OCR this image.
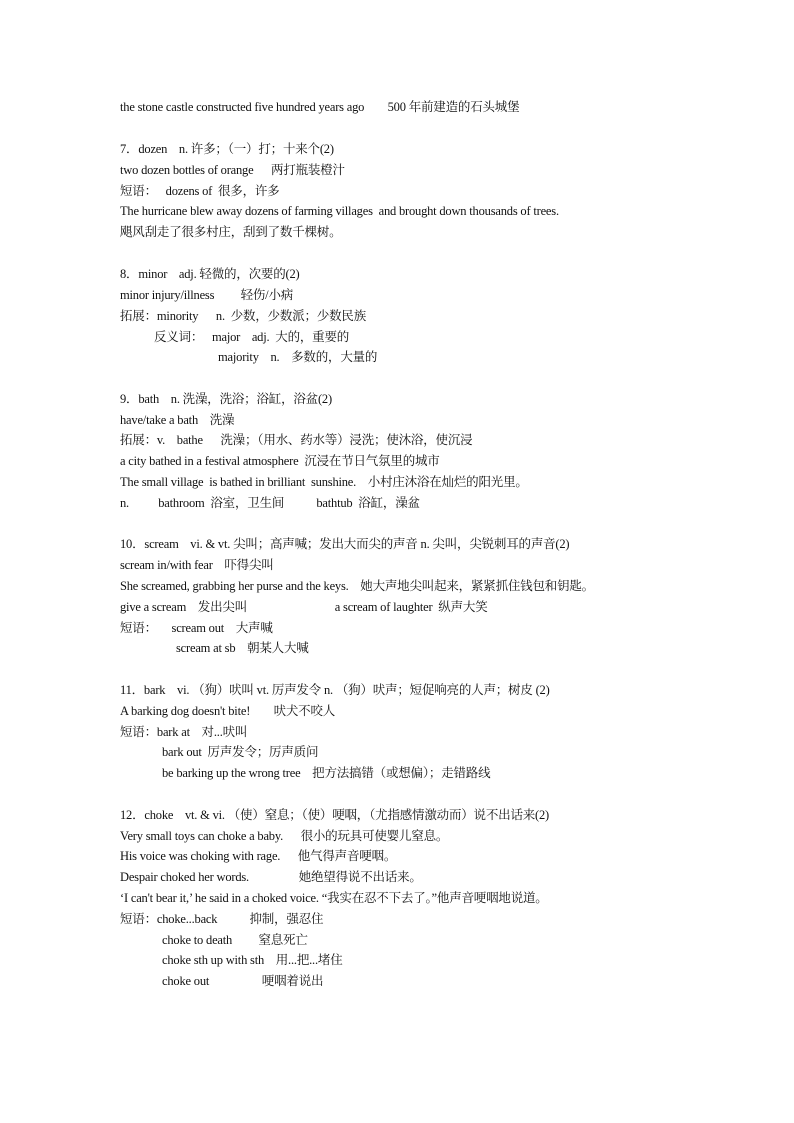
the stone castle constructed five hundred years ago        500 年前建造的石头城堡
7．dozen    n. 许多；（一）打；十来个(2)
two dozen bottles of orange      两打瓶装橙汁
短语：   dozens of  很多，许多
The hurricane blew away dozens of farming villages  and brought down thousands of trees.
飓风刮走了很多村庄，刮到了数千棵树。
8．minor    adj. 轻微的，次要的(2)
minor injury/illness         轻伤/小病
拓展：minority      n.  少数，少数派；少数民族
反义词：   major    adj.  大的，重要的
majority    n.    多数的，大量的
9．bath    n. 洗澡，洗浴；浴缸，浴盆(2)
have/take a bath    洗澡
拓展：v.    bathe      洗澡；（用水、药水等）浸洗；使沐浴，使沉浸
a city bathed in a festival atmosphere  沉浸在节日气氛里的城市
The small village  is bathed in brilliant  sunshine.    小村庄沐浴在灿烂的阳光里。
n.          bathroom  浴室，卫生间           bathtub  浴缸，澡盆
10．scream    vi. & vt. 尖叫；高声喊；发出大而尖的声音 n. 尖叫，尖锐刺耳的声音(2)
scream in/with fear    吓得尖叫
She screamed, grabbing her purse and the keys.    她大声地尖叫起来，紧紧抓住钱包和钥匙。
give a scream    发出尖叫                              a scream of laughter  纵声大笑
短语：     scream out    大声喊
scream at sb    朝某人大喊
11．bark    vi. （狗）吠叫 vt. 厉声发令 n. （狗）吠声；短促响亮的人声；树皮 (2)
A barking dog doesn't bite!        吠犬不咬人
短语：bark at    对...吠叫
bark out  厉声发令；厉声质问
be barking up the wrong tree    把方法搞错（或想偏）；走错路线
12．choke    vt. & vi. （使）窒息；（使）哽咽，（尤指感情激动而）说不出话来(2)
Very small toys can choke a baby.      很小的玩具可使婴儿窒息。
His voice was choking with rage.      他气得声音哽咽。
Despair choked her words.                 她绝望得说不出话来。
‘I can't bear it,’ he said in a choked voice. “我实在忍不下去了。”他声音哽咽地说道。
短语：choke...back           抑制，强忍住
choke to death         窒息死亡
choke sth up with sth    用...把...堵住
choke out                  哽咽着说出
